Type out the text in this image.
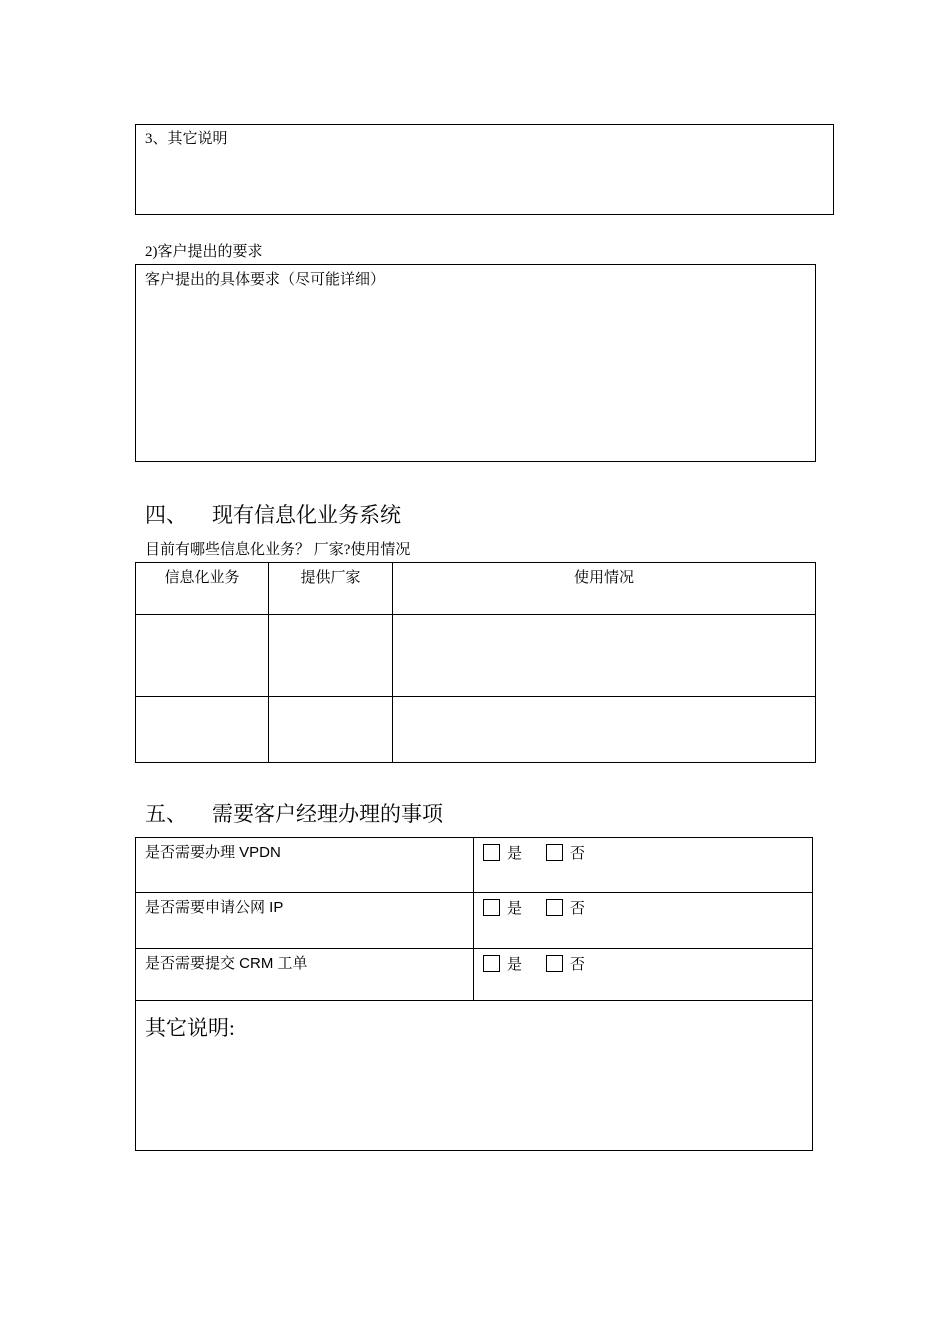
3、其它说明
2)客户提出的要求
客户提出的具体要求（尽可能详细）
四、 现有信息化业务系统
目前有哪些信息化业务？ 厂家?使用情况
信息化业务	提供厂家	使用情况

五、 需要客户经理办理的事项
是否需要办理 VPDN	是 否

是否需要申请公网 IP	是 否

是否需要提交 CRM 工单	是 否

其它说明:	
